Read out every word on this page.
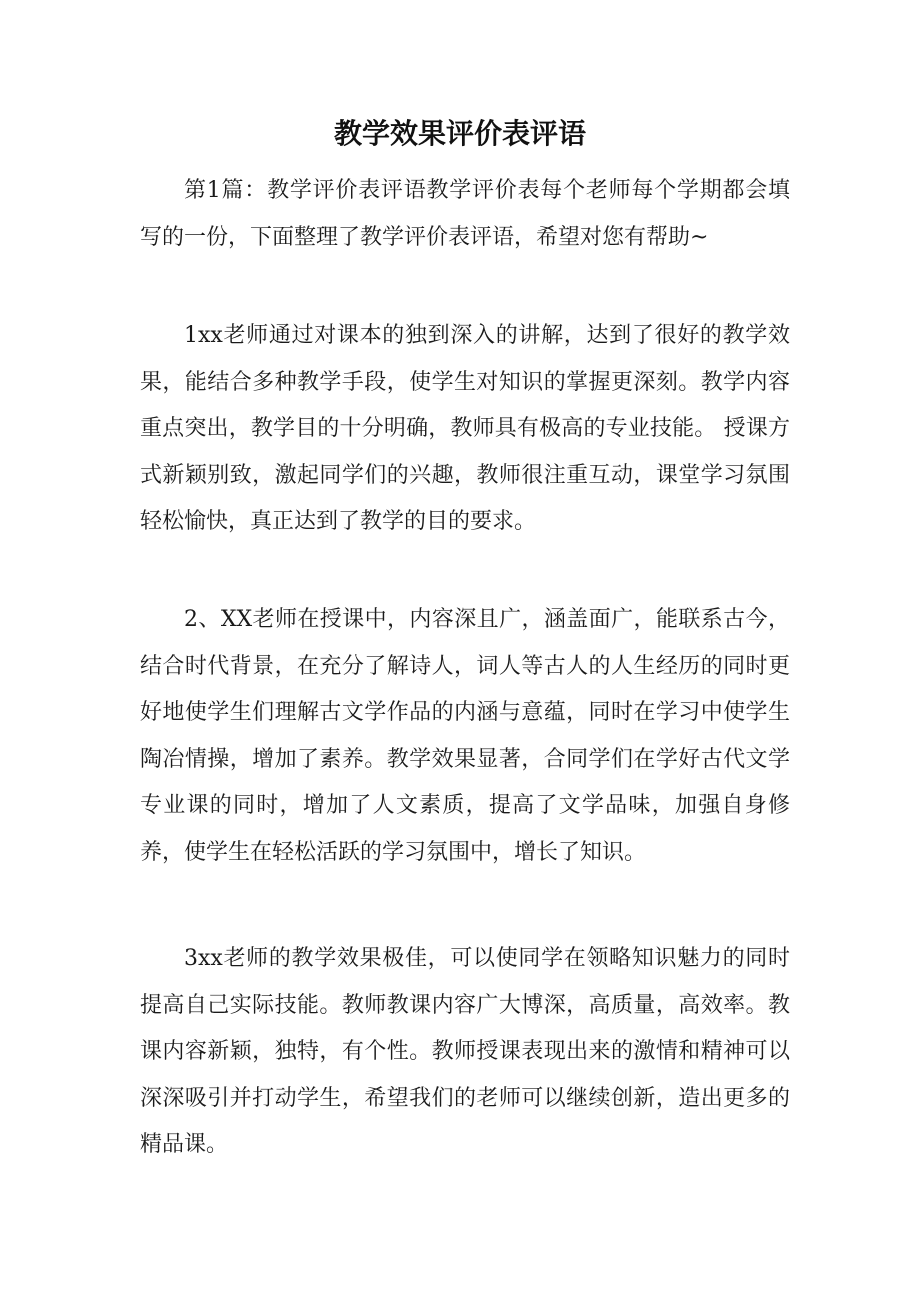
教学效果评价表评语

第1篇：教学评价表评语教学评价表每个老师每个学期都会填写的一份，下面整理了教学评价表评语，希望对您有帮助~

1xx老师通过对课本的独到深入的讲解，达到了很好的教学效果，能结合多种教学手段，使学生对知识的掌握更深刻。教学内容重点突出，教学目的十分明确，教师具有极高的专业技能。 授课方式新颖别致，激起同学们的兴趣，教师很注重互动，课堂学习氛围轻松愉快，真正达到了教学的目的要求。

2、XX老师在授课中，内容深且广，涵盖面广，能联系古今，结合时代背景，在充分了解诗人，词人等古人的人生经历的同时更好地使学生们理解古文学作品的内涵与意蕴，同时在学习中使学生陶冶情操，增加了素养。教学效果显著，合同学们在学好古代文学专业课的同时，增加了人文素质，提高了文学品味，加强自身修养，使学生在轻松活跃的学习氛围中，增长了知识。

3xx老师的教学效果极佳，可以使同学在领略知识魅力的同时提高自己实际技能。教师教课内容广大博深，高质量，高效率。教课内容新颖，独特，有个性。教师授课表现出来的激情和精神可以深深吸引并打动学生，希望我们的老师可以继续创新，造出更多的精品课。
